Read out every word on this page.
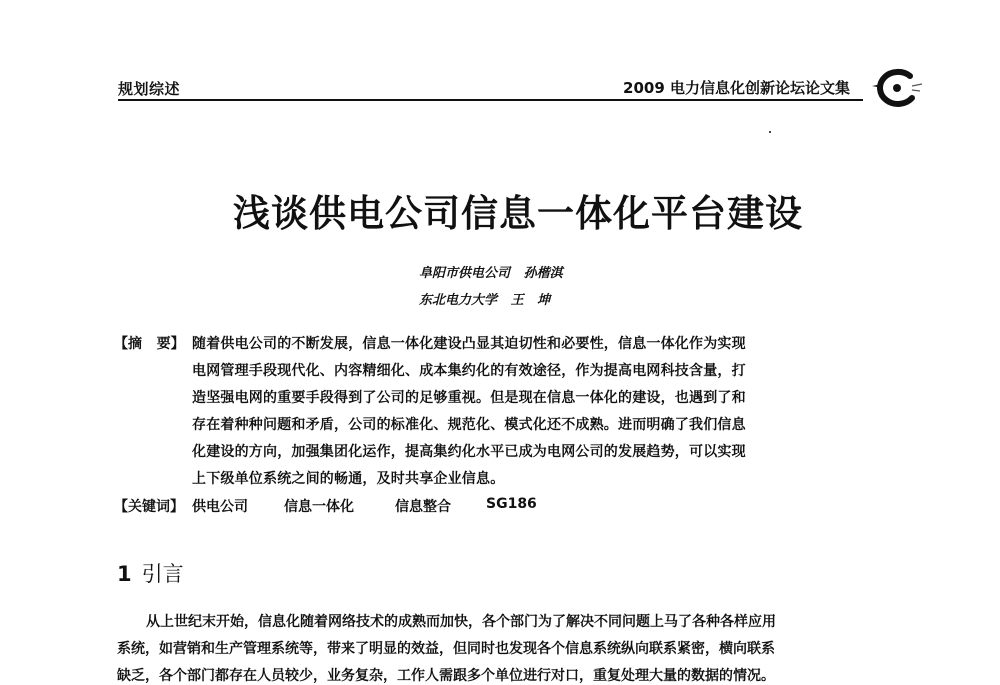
规划综述	2009 电力信息化创新论坛论文集
浅谈供电公司信息一体化平台建设
阜阳市供电公司   孙楷淇
东北电力大学   王   坤
【摘   要】 随着供电公司的不断发展，信息一体化建设凸显其迫切性和必要性，信息一体化作为实现
电网管理手段现代化、内容精细化、成本集约化的有效途径，作为提高电网科技含量，打
造坚强电网的重要手段得到了公司的足够重视。但是现在信息一体化的建设，也遇到了和
存在着种种问题和矛盾，公司的标准化、规范化、模式化还不成熟。进而明确了我们信息
化建设的方向，加强集团化运作，提高集约化水平已成为电网公司的发展趋势，可以实现
上下级单位系统之间的畅通，及时共享企业信息。
【关键词】 供电公司	信息一体化	信息整合	SG186
1 引言
从上世纪末开始，信息化随着网络技术的成熟而加快，各个部门为了解决不同问题上马了各种各样应用
系统，如营销和生产管理系统等，带来了明显的效益，但同时也发现各个信息系统纵向联系紧密，横向联系
缺乏，各个部门都存在人员较少，业务复杂，工作人需跟多个单位进行对口，重复处理大量的数据的情况。
